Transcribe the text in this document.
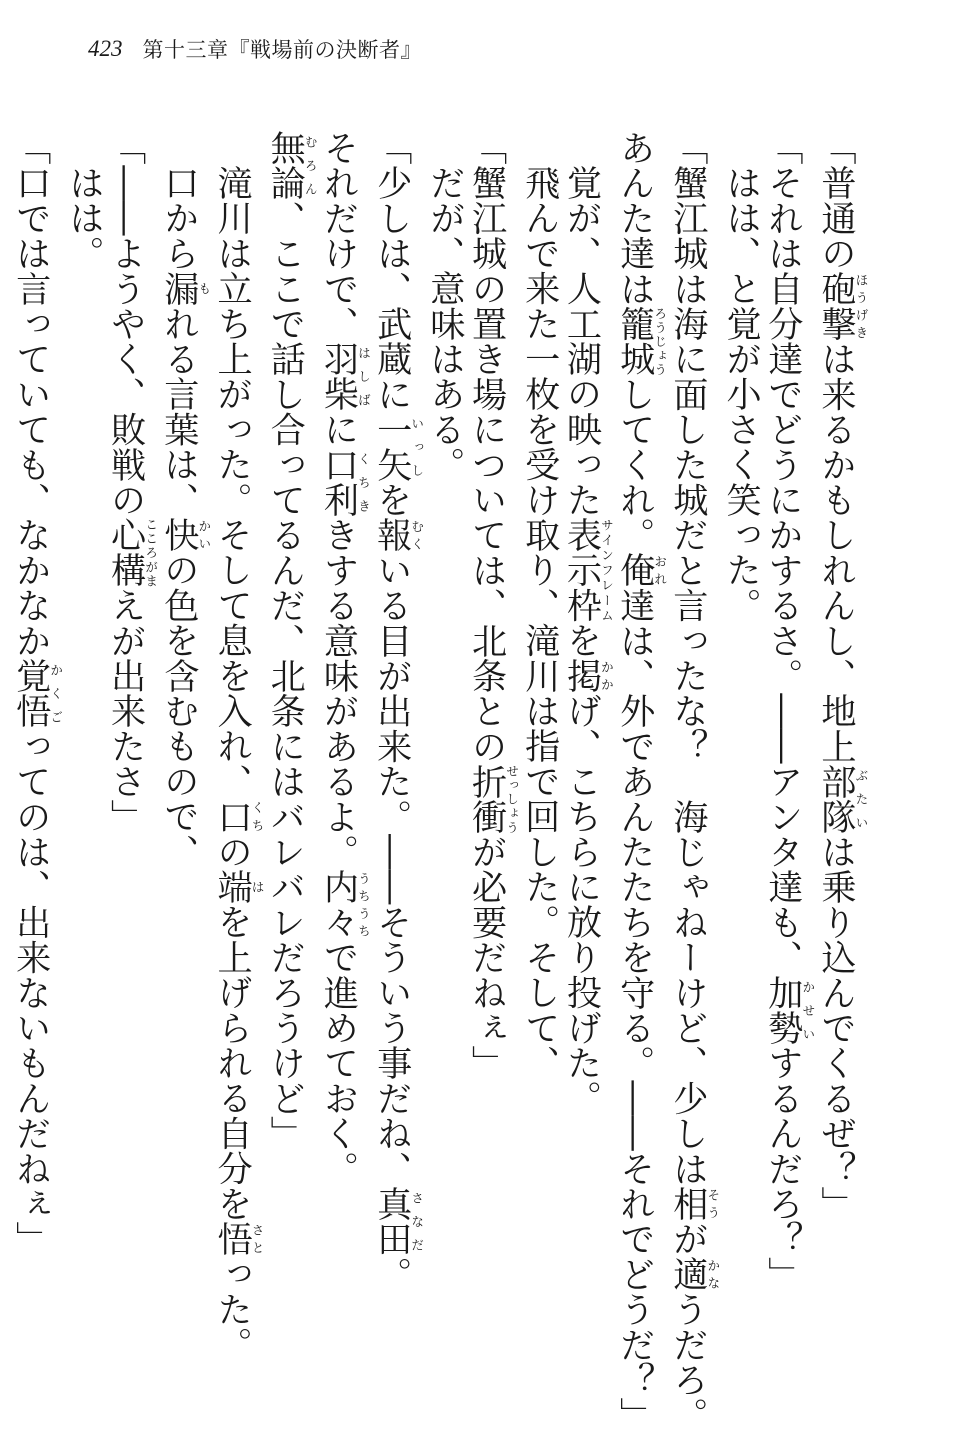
423 第十三章『戦場前の決断者』
「普通の砲撃ほうげきは来るかもしれんし、地上部隊ぶたいは乗り込んでくるぜ？」
「それは自分達でどうにかするさ。――アンタ達も、加勢かせいするんだろ？」
はは、と覚が小さく笑った。
「蟹江城は海に面した城だと言ったな？　海じゃねーけど、少しは相そうが適かなうだろ。
あんた達は籠城ろうじょうしてくれ。俺おれ達は、外であんたたちを守る。――それでどうだ？」
覚が、人工湖の映った表示枠サインフレームを掲かかげ、こちらに放り投げた。
飛んで来た一枚を受け取り、滝川は指で回した。そして、
「蟹江城の置き場については、北条との折衝せっしょうが必要だねぇ」
だが、意味はある。
「少しは、武蔵に一矢いっしを報むくいる目が出来た。――そういう事だね、真田さなだ。
それだけで、羽柴はしばに口利くちききする意味があるよ。内々うちうちで進めておく。
無論むろん、ここで話し合ってるんだ、北条にはバレバレだろうけど」
滝川は立ち上がった。そして息を入れ、口くちの端はを上げられる自分を悟さとった。
口から漏もれる言葉は、快かいの色を含むもので、
「――ようやく、敗戦の心構こころがまえが出来たさ」
はは。
「口では言っていても、なかなか覚悟かくごってのは、出来ないもんだねぇ」
